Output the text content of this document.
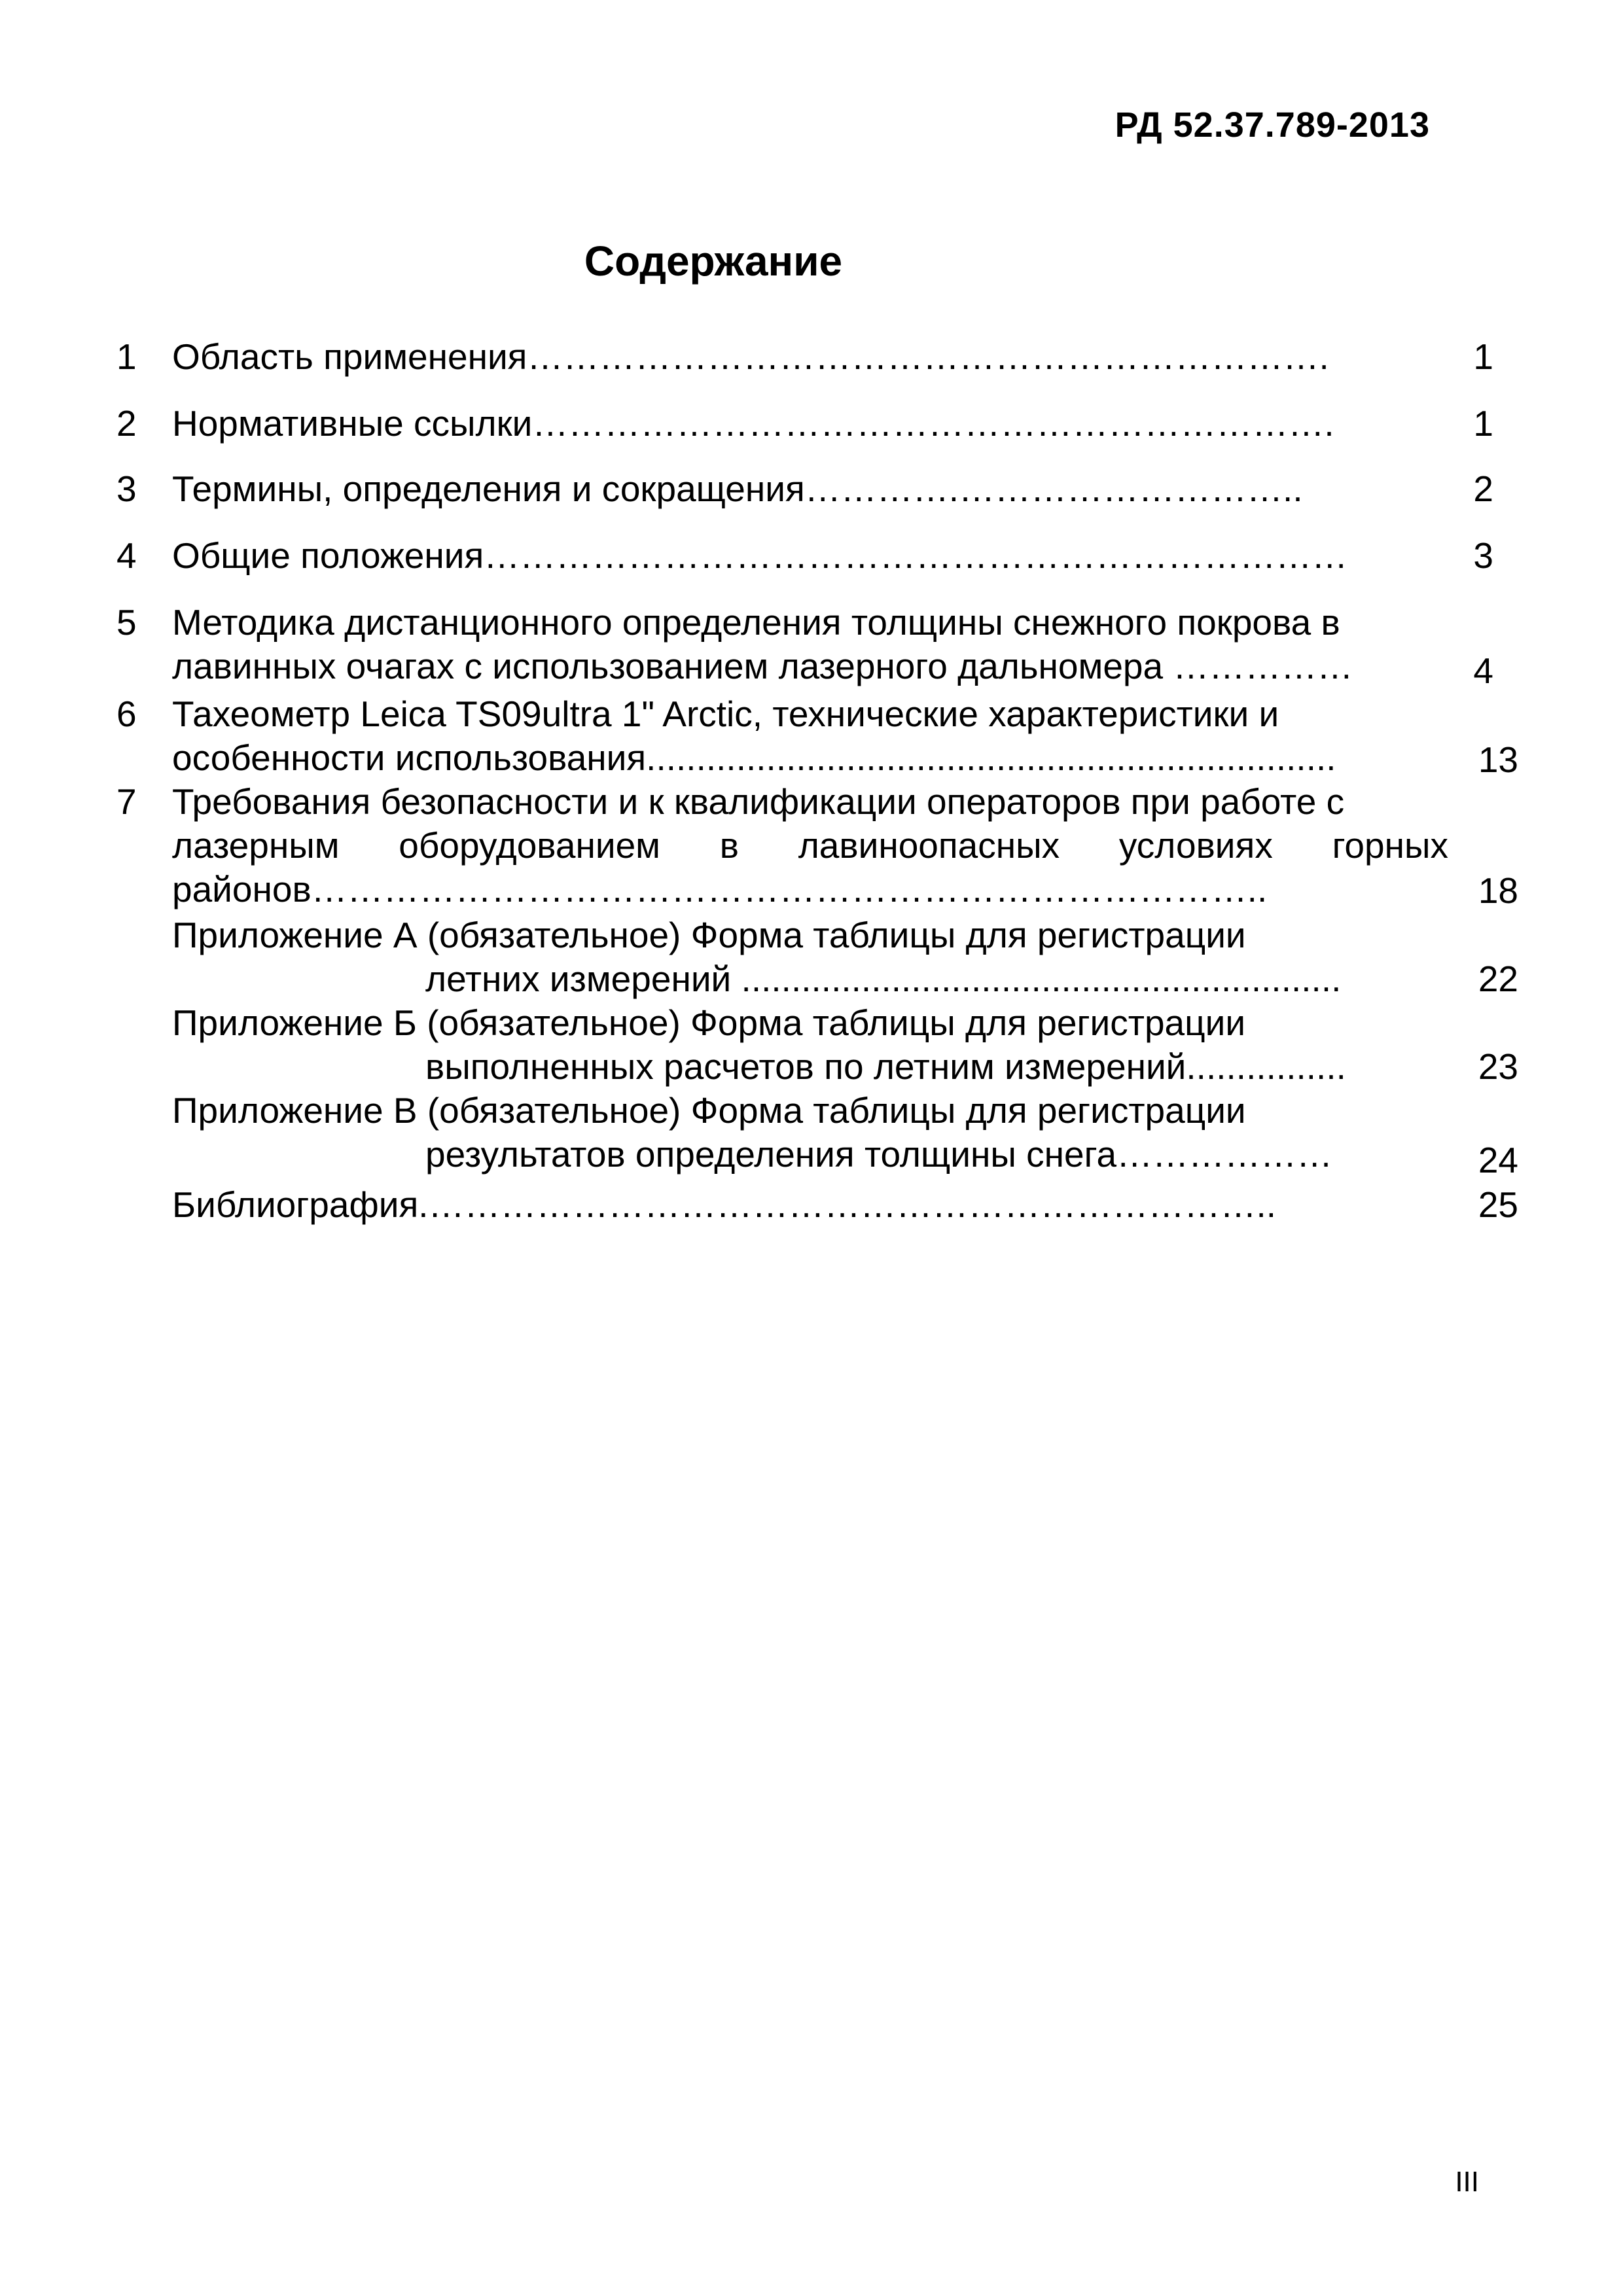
РД 52.37.789-2013
Содержание
1 Область применения………………………………………………………….	1
2 Нормативные ссылки………………………………………………………….	1
3 Термины, определения и сокращения………….………………………..	2
4 Общие положения………………………………………………………………	3
5 Методика дистанционного определения толщины снежного покрова в
лавинных очагах с использованием лазерного дальномера ……………	4
6 Тахеометр Leica TS09ultra 1" Arctic, технические характеристики и
особенности использования.....................................................................	13
7 Требования безопасности и к квалификации операторов при работе с
лазерным оборудованием в лавиноопасных условиях горных
районов……………………………………………………………………..	18
Приложение А (обязательное) Форма таблицы для регистрации
летних измерений ............................................................	22
Приложение Б (обязательное) Форма таблицы для регистрации
выполненных расчетов по летним измерений................	23
Приложение В (обязательное) Форма таблицы для регистрации
результатов определения толщины снега………………	24
Библиография.……………………………………………………………..	25
III
